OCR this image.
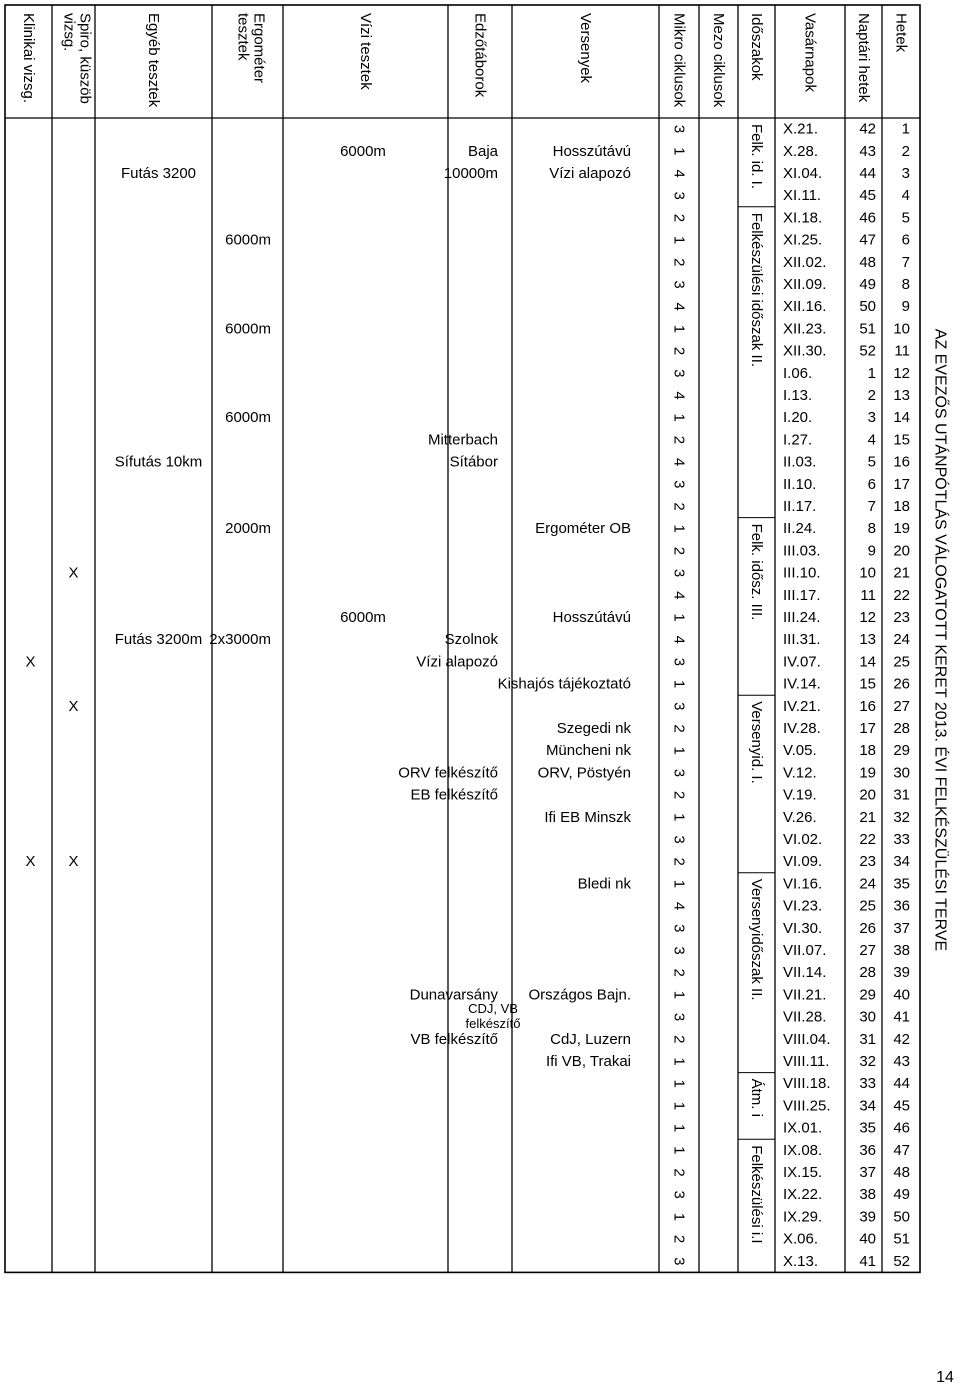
Hetek
Naptári hetek
Vasárnapok
Időszakok
Mezo ciklusok
Mikro ciklusok
Versenyek
Edzőtáborok
Vízi tesztek
Ergométertesztek
Egyéb tesztek
Spiro, küszöbvizsg.
Klinikai vizsg.
1
42
X.21.
3
2
43
X.28.
1
Hosszútávú
Baja
6000m
3
44
XI.04.
4
Vízi alapozó
10000m
Futás 3200
4
45
XI.11.
3
5
46
XI.18.
2
6
47
XI.25.
1
6000m
7
48
XII.02.
2
8
49
XII.09.
3
9
50
XII.16.
4
10
51
XII.23.
1
6000m
11
52
XII.30.
2
12
1
I.06.
3
13
2
I.13.
4
14
3
I.20.
1
6000m
15
4
I.27.
2
Mitterbach
16
5
II.03.
4
Sítábor
Sífutás 10km
17
6
II.10.
3
18
7
II.17.
2
19
8
II.24.
1
Ergométer OB
2000m
20
9
III.03.
2
21
10
III.10.
3
X
22
11
III.17.
4
23
12
III.24.
1
Hosszútávú
6000m
24
13
III.31.
4
Szolnok
2x3000m
Futás 3200m
25
14
IV.07.
3
Vízi alapozó
X
26
15
IV.14.
1
Kishajós tájékoztató
27
16
IV.21.
3
X
28
17
IV.28.
2
Szegedi nk
29
18
V.05.
1
Müncheni nk
30
19
V.12.
3
ORV, Pöstyén
ORV felkészítő
31
20
V.19.
2
EB felkészítő
32
21
V.26.
1
Ifi EB Minszk
33
22
VI.02.
3
34
23
VI.09.
2
X
X
35
24
VI.16.
1
Bledi nk
36
25
VI.23.
4
37
26
VI.30.
3
38
27
VII.07.
3
39
28
VII.14.
2
40
29
VII.21.
1
Országos Bajn.
Dunavarsány
41
30
VII.28.
3
CDJ, VB felkészítő
42
31
VIII.04.
2
CdJ, Luzern
VB felkészítő
43
32
VIII.11.
1
Ifi VB, Trakai
44
33
VIII.18.
1
45
34
VIII.25.
1
46
35
IX.01.
1
47
36
IX.08.
1
48
37
IX.15.
2
49
38
IX.22.
3
50
39
IX.29.
1
51
40
X.06.
2
52
41
X.13.
3
Felk. id. I.
Felkészülési időszak II.
Felk. idősz. III.
Versenyid. I.
Versenyidőszak II.
Átm. i
Felkészülési i.I
AZ EVEZŐS UTÁNPÓTLÁS VÁLOGATOTT KERET 2013. ÉVI FELKÉSZÜLÉSI TERVE
14
